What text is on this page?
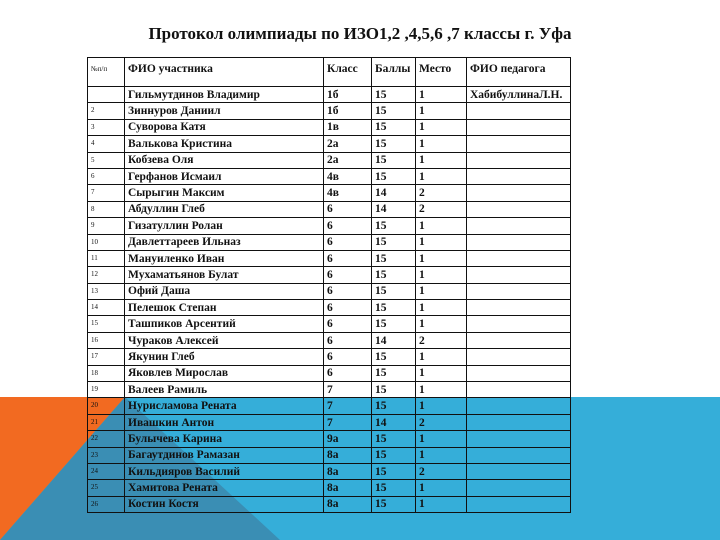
Протокол олимпиады по ИЗО1,2 ,4,5,6 ,7 классы г. Уфа
№п/п	ФИО участника	Класс	Баллы	Место	ФИО педагога
	Гильмутдинов Владимир	1б	15	1	ХабибуллинаЛ.Н.
2	Зиннуров Даниил	1б	15	1	
3	Суворова Катя	1в	15	1	
4	Валькова Кристина	2а	15	1	
5	Кобзева Оля	2а	15	1	
6	Герфанов Исмаил	4в	15	1	
7	Сырыгин Максим	4в	14	2	
8	Абдуллин Глеб	6	14	2	
9	Гизатуллин Ролан	6	15	1	
10	Давлеттареев Ильназ	6	15	1	
11	Мануиленко Иван	6	15	1	
12	Мухаматьянов Булат	6	15	1	
13	Офий Даша	6	15	1	
14	Пелешок Степан	6	15	1	
15	Ташпиков Арсентий	6	15	1	
16	Чураков Алексей	6	14	2	
17	Якунин Глеб	6	15	1	
18	Яковлев Мирослав	6	15	1	
19	Валеев Рамиль	7	15	1	
20	Нурисламова Рената	7	15	1	
21	Ивашкин Антон	7	14	2	
22	Булычева Карина	9а	15	1	
23	Багаутдинов Рамазан	8а	15	1	
24	Кильдияров Василий	8а	15	2	
25	Хамитова Рената	8а	15	1	
26	Костин Костя	8а	15	1	
